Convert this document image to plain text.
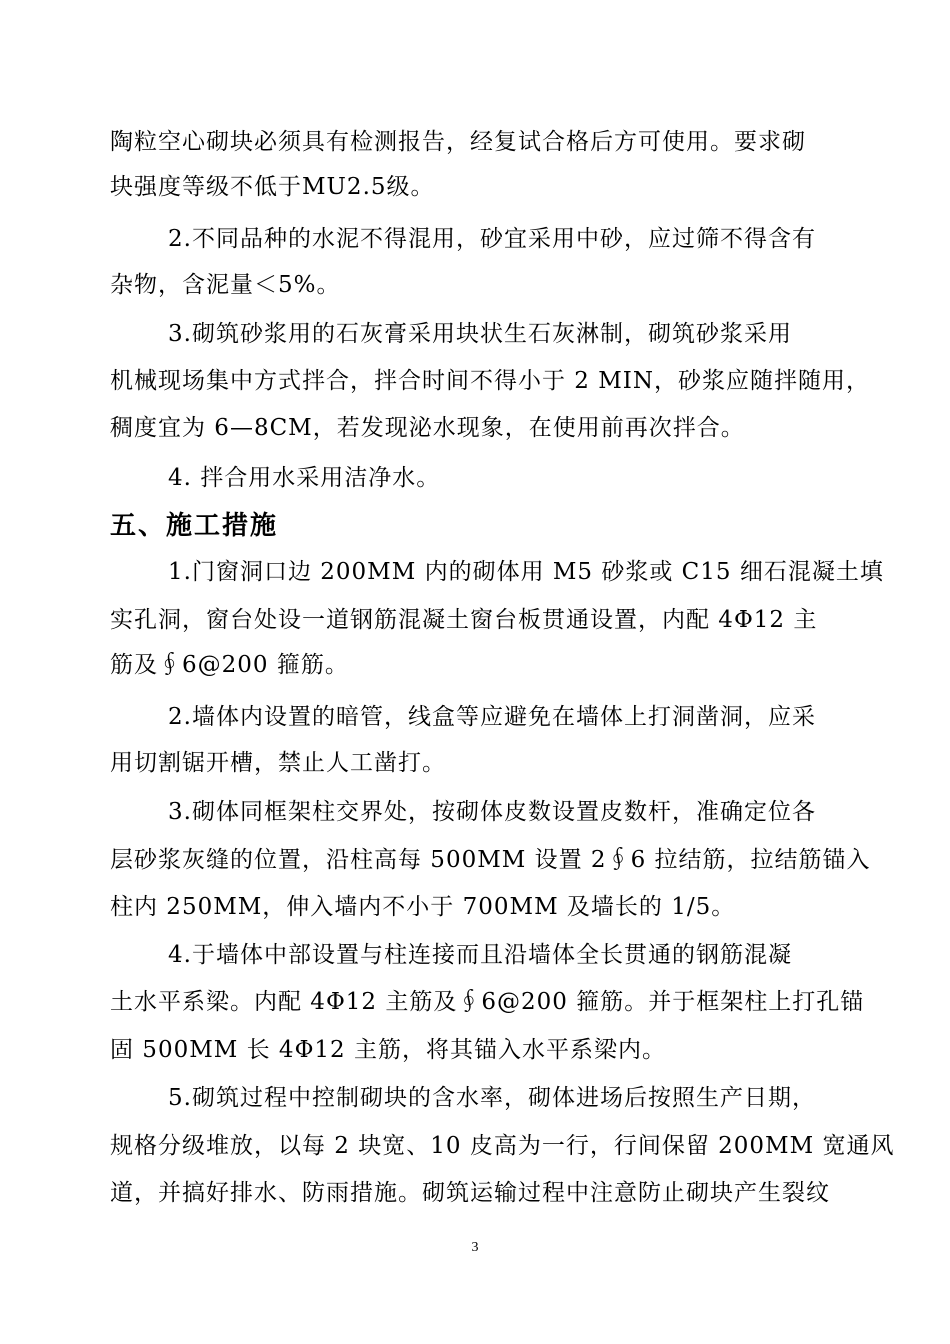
陶粒空心砌块必须具有检测报告，经复试合格后方可使用。要求砌
块强度等级不低于MU2.5级。
2.不同品种的水泥不得混用，砂宜采用中砂，应过筛不得含有
杂物，含泥量＜5%。
3.砌筑砂浆用的石灰膏采用块状生石灰淋制，砌筑砂浆采用
机械现场集中方式拌合，拌合时间不得小于 2 MIN，砂浆应随拌随用，
稠度宜为 6—8CM，若发现泌水现象，在使用前再次拌合。
4. 拌合用水采用洁净水。
五、施工措施
1.门窗洞口边 200MM 内的砌体用 M5 砂浆或 C15 细石混凝土填
实孔洞，窗台处设一道钢筋混凝土窗台板贯通设置，内配 4Φ12 主
筋及∮6@200 箍筋。
2.墙体内设置的暗管，线盒等应避免在墙体上打洞凿洞，应采
用切割锯开槽，禁止人工凿打。
3.砌体同框架柱交界处，按砌体皮数设置皮数杆，准确定位各
层砂浆灰缝的位置，沿柱高每 500MM 设置 2∮6 拉结筋，拉结筋锚入
柱内 250MM，伸入墙内不小于 700MM 及墙长的 1/5。
4.于墙体中部设置与柱连接而且沿墙体全长贯通的钢筋混凝
土水平系梁。内配 4Φ12 主筋及∮6@200 箍筋。并于框架柱上打孔锚
固 500MM 长 4Φ12 主筋，将其锚入水平系梁内。
5.砌筑过程中控制砌块的含水率，砌体进场后按照生产日期，
规格分级堆放，以每 2 块宽、10 皮高为一行，行间保留 200MM 宽通风
道，并搞好排水、防雨措施。砌筑运输过程中注意防止砌块产生裂纹
3
